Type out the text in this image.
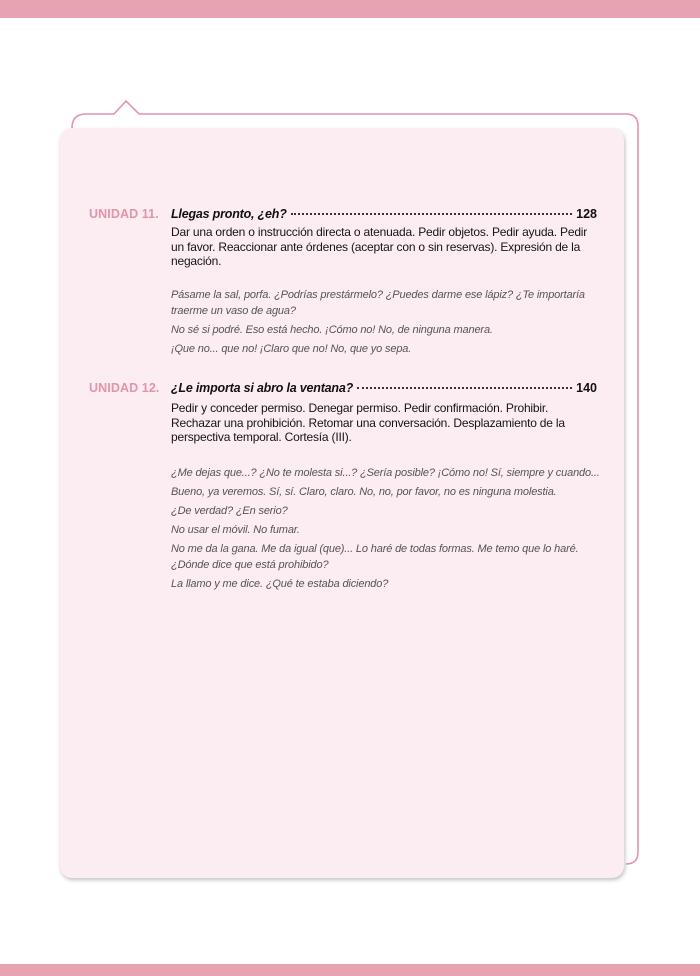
UNIDAD 11. Llegas pronto, ¿eh?	128
Dar una orden o instrucción directa o atenuada. Pedir objetos. Pedir ayuda. Pedir un favor. Reaccionar ante órdenes (aceptar con o sin reservas). Expresión de la negación.
Pásame la sal, porfa. ¿Podrías prestármelo? ¿Puedes darme ese lápiz? ¿Te importaría traerme un vaso de agua?
No sé si podré. Eso está hecho. ¡Cómo no! No, de ninguna manera.
¡Que no... que no! ¡Claro que no! No, que yo sepa.
UNIDAD 12. ¿Le importa si abro la ventana?	140
Pedir y conceder permiso. Denegar permiso. Pedir confirmación. Prohibir. Rechazar una prohibición. Retomar una conversación. Desplazamiento de la perspectiva temporal. Cortesía (III).
¿Me dejas que...? ¿No te molesta si...? ¿Sería posible? ¡Cómo no! Sí, siempre y cuando...
Bueno, ya veremos. Sí, sí. Claro, claro. No, no, por favor, no es ninguna molestia.
¿De verdad? ¿En serio?
No usar el móvil. No fumar.
No me da la gana. Me da igual (que)... Lo haré de todas formas. Me temo que lo haré. ¿Dónde dice que está prohibido?
La llamo y me dice. ¿Qué te estaba diciendo?
